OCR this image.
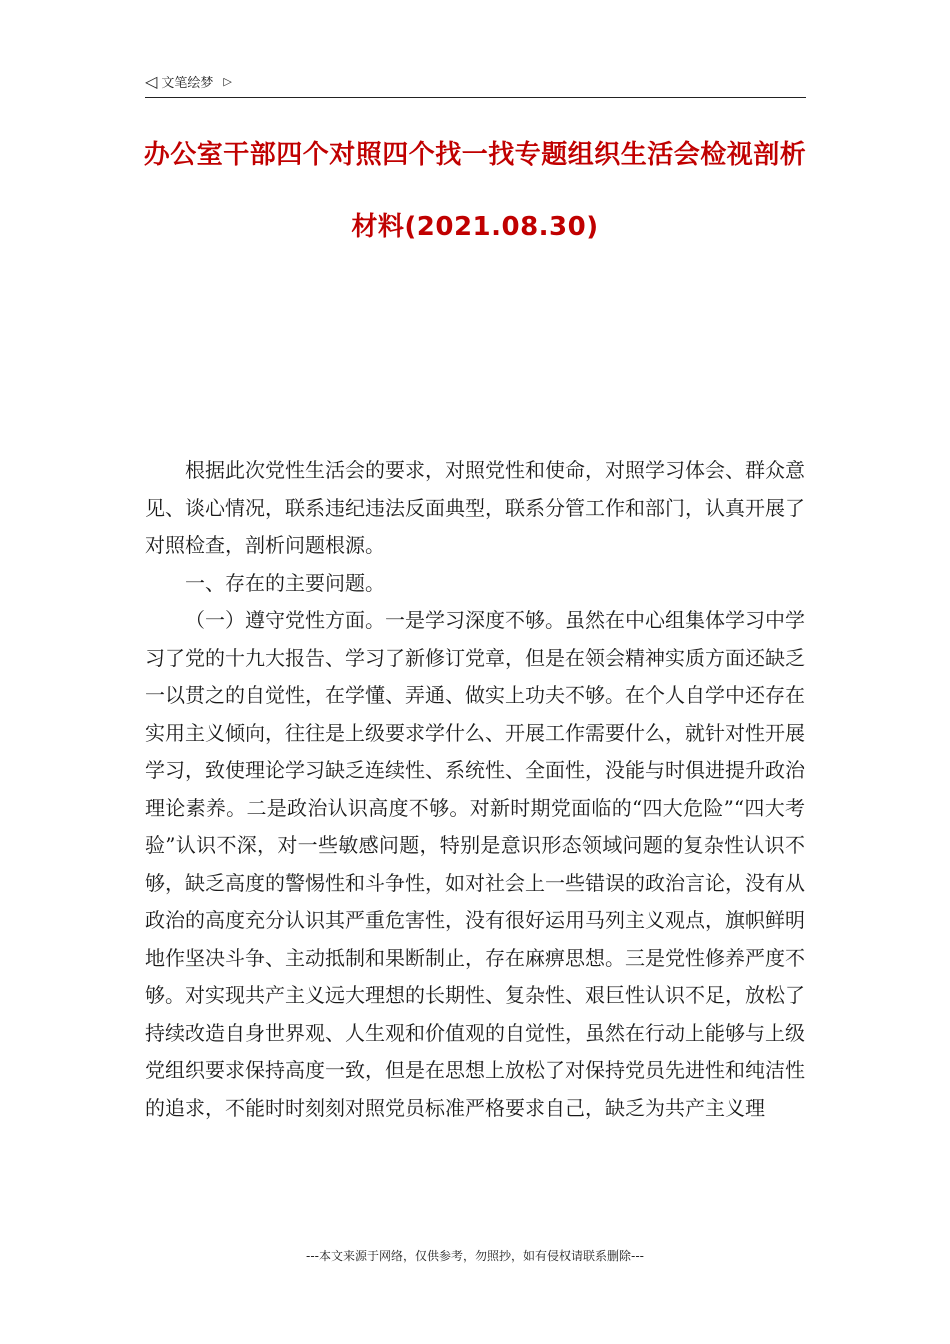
◁ 文笔绘梦 ▷
办公室干部四个对照四个找一找专题组织生活会检视剖析
材料(2021.08.30)

根据此次党性生活会的要求，对照党性和使命，对照学习体会、群众意见、谈心情况，联系违纪违法反面典型，联系分管工作和部门，认真开展了对照检查，剖析问题根源。

一、存在的主要问题。

（一）遵守党性方面。一是学习深度不够。虽然在中心组集体学习中学习了党的十九大报告、学习了新修订党章，但是在领会精神实质方面还缺乏一以贯之的自觉性，在学懂、弄通、做实上功夫不够。在个人自学中还存在实用主义倾向，往往是上级要求学什么、开展工作需要什么，就针对性开展学习，致使理论学习缺乏连续性、系统性、全面性，没能与时俱进提升政治理论素养。二是政治认识高度不够。对新时期党面临的“四大危险”“四大考验”认识不深，对一些敏感问题，特别是意识形态领域问题的复杂性认识不够，缺乏高度的警惕性和斗争性，如对社会上一些错误的政治言论，没有从政治的高度充分认识其严重危害性，没有很好运用马列主义观点，旗帜鲜明地作坚决斗争、主动抵制和果断制止，存在麻痹思想。三是党性修养严度不够。对实现共产主义远大理想的长期性、复杂性、艰巨性认识不足，放松了持续改造自身世界观、人生观和价值观的自觉性，虽然在行动上能够与上级党组织要求保持高度一致，但是在思想上放松了对保持党员先进性和纯洁性的追求，不能时时刻刻对照党员标准严格要求自己，缺乏为共产主义理

---本文来源于网络，仅供参考，勿照抄，如有侵权请联系删除---
